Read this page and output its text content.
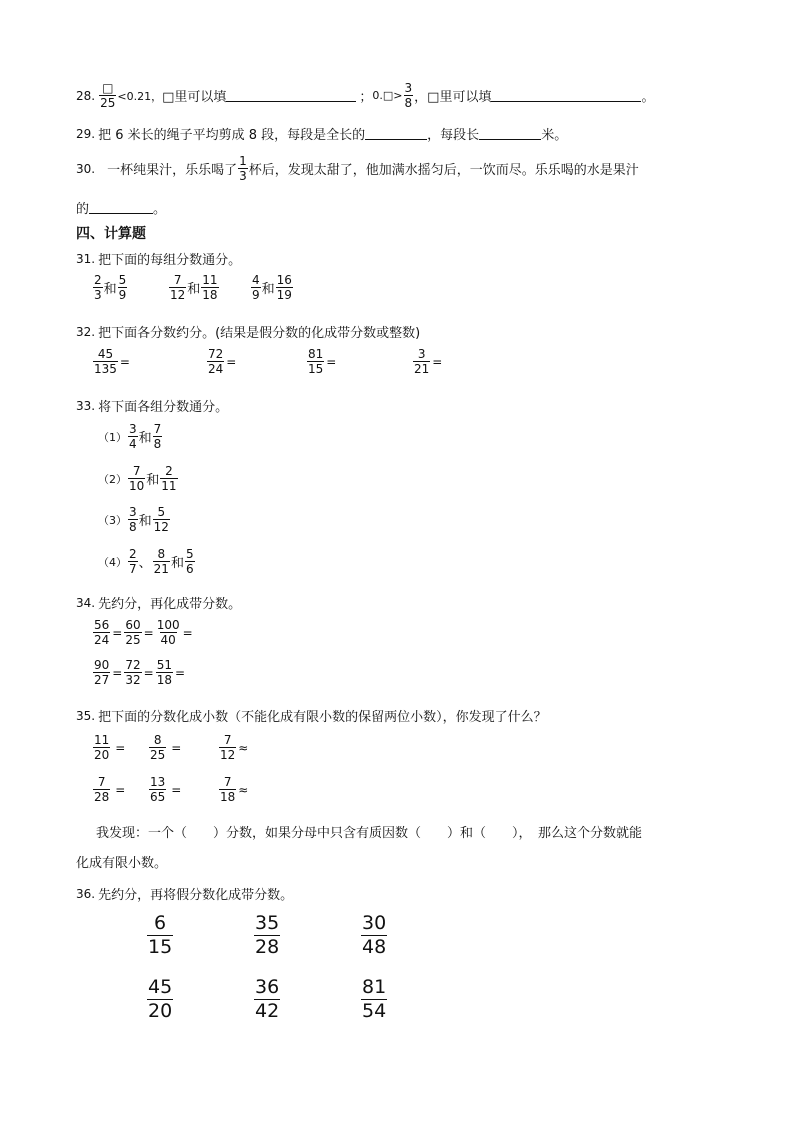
28. $\frac{□}{25} <0.21$， □里可以填	； 0.□> $\frac{3}{8}$ ， □里可以填	。
29. 把 6 米长的绳子平均剪成 8 段，每段是全长的	，每段长	米。
30. 一杯纯果汁，乐乐喝了 $\frac{1}{3}$ 杯后，发现太甜了，他加满水摇匀后，一饮而尽。乐乐喝的水是果汁
的	。
四、计算题
31. 把下面的每组分数通分。
$\frac{2}{3}$ 和 $\frac{5}{9}$	$\frac{7}{12}$ 和 $\frac{11}{18}$	$\frac{4}{9}$ 和 $\frac{16}{19}$
32. 把下面各分数约分。(结果是假分数的化成带分数或整数)
$\frac{45}{135}$ =	$\frac{72}{24}$ =	$\frac{81}{15}$ =	$\frac{3}{21}$ =
33. 将下面各组分数通分。
$(1) \frac{3}{4}$ 和 $\frac{7}{8}$
$(2) \frac{7}{10}$ 和 $\frac{2}{11}$
$(3) \frac{3}{8}$ 和 $\frac{5}{12}$
$(4) \frac{2}{7}$ 、 $\frac{8}{21}$ 和 $\frac{5}{6}$
34. 先约分，再化成带分数。
$\frac{56}{24} = \frac{60}{25} = \frac{100}{40}$ =
$\frac{90}{27} = \frac{72}{32} = \frac{51}{18}$ =
35. 把下面的分数化成小数（不能化成有限小数的保留两位小数），你发现了什么？
$\frac{11}{20} = \frac{8}{25}$ =	$\frac{7}{12}$ ≈
$\frac{7}{28} = \frac{13}{65}$ =	$\frac{7}{18}$ ≈
我发现：一个（　　）分数，如果分母中只含有质因数（　　）和（　　），　那么这个分数就能
化成有限小数。
36. 先约分，再将假分数化成带分数。
$\frac{6}{15}$	$\frac{35}{28}$	$\frac{30}{48}$
$\frac{45}{20}$	$\frac{36}{42}$	$\frac{81}{54}$
